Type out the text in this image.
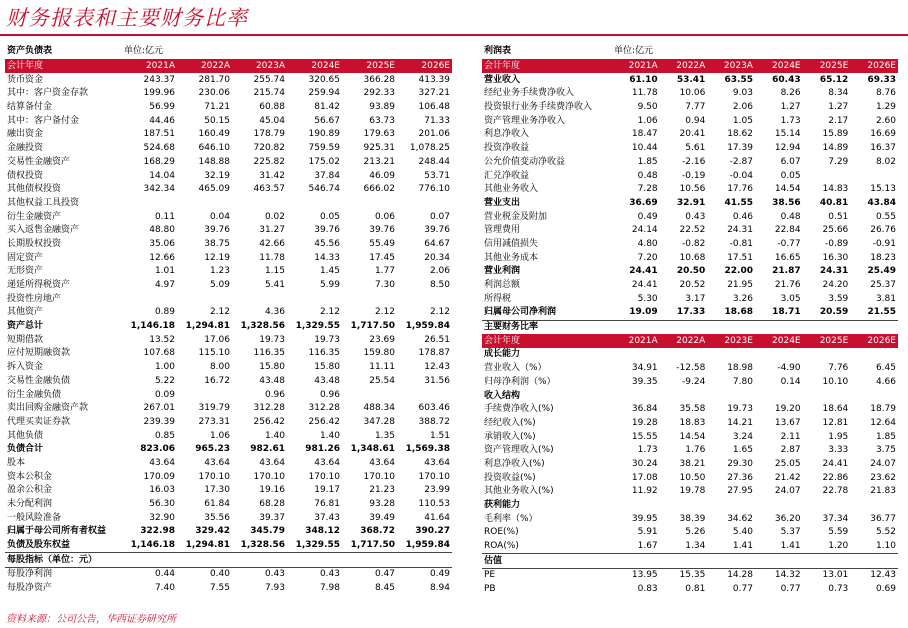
财务报表和主要财务比率
资产负债表	单位:亿元					
会计年度	2021A	2022A	2023A	2024E	2025E	2026E
货币资金	243.37	281.70	255.74	320.65	366.28	413.39
其中：客户资金存款	199.96	230.06	215.74	259.94	292.33	327.21
结算备付金	56.99	71.21	60.88	81.42	93.89	106.48
其中：客户备付金	44.46	50.15	45.04	56.67	63.73	71.33
融出资金	187.51	160.49	178.79	190.89	179.63	201.06
金融投资	524.68	646.10	720.82	759.59	925.31	1,078.25
交易性金融资产	168.29	148.88	225.82	175.02	213.21	248.44
债权投资	14.04	32.19	31.42	37.84	46.09	53.71
其他债权投资	342.34	465.09	463.57	546.74	666.02	776.10
其他权益工具投资						
衍生金融资产	0.11	0.04	0.02	0.05	0.06	0.07
买入返售金融资产	48.80	39.76	31.27	39.76	39.76	39.76
长期股权投资	35.06	38.75	42.66	45.56	55.49	64.67
固定资产	12.66	12.19	11.78	14.33	17.45	20.34
无形资产	1.01	1.23	1.15	1.45	1.77	2.06
递延所得税资产	4.97	5.09	5.41	5.99	7.30	8.50
投资性房地产						
其他资产	0.89	2.12	4.36	2.12	2.12	2.12
资产总计	1,146.18	1,294.81	1,328.56	1,329.55	1,717.50	1,959.84
短期借款	13.52	17.06	19.73	19.73	23.69	26.51
应付短期融资款	107.68	115.10	116.35	116.35	159.80	178.87
拆入资金	1.00	8.00	15.80	15.80	11.11	12.43
交易性金融负债	5.22	16.72	43.48	43.48	25.54	31.56
衍生金融负债	0.09		0.96	0.96		
卖出回购金融资产款	267.01	319.79	312.28	312.28	488.34	603.46
代理买卖证券款	239.39	273.31	256.42	256.42	347.28	388.72
其他负债	0.85	1.06	1.40	1.40	1.35	1.51
负债合计	823.06	965.23	982.61	981.26	1,348.61	1,569.38
股本	43.64	43.64	43.64	43.64	43.64	43.64
资本公积金	170.09	170.10	170.10	170.10	170.10	170.10
盈余公积金	16.03	17.30	19.16	19.17	21.23	23.99
未分配利润	56.30	61.84	68.28	76.81	93.28	110.53
一般风险准备	32.90	35.56	39.37	37.43	39.49	41.64
归属于母公司所有者权益	322.98	329.42	345.79	348.12	368.72	390.27
负债及股东权益	1,146.18	1,294.81	1,328.56	1,329.55	1,717.50	1,959.84
每股指标（单位：元）						
每股净利润	0.44	0.40	0.43	0.43	0.47	0.49
每股净资产	7.40	7.55	7.93	7.98	8.45	8.94
利润表	单位:亿元					
会计年度	2021A	2022A	2023A	2024E	2025E	2026E
营业收入	61.10	53.41	63.55	60.43	65.12	69.33
经纪业务手续费净收入	11.78	10.06	9.03	8.26	8.34	8.76
投资银行业务手续费净收入	9.50	7.77	2.06	1.27	1.27	1.29
资产管理业务净收入	1.06	0.94	1.05	1.73	2.17	2.60
利息净收入	18.47	20.41	18.62	15.14	15.89	16.69
投资净收益	10.44	5.61	17.39	12.94	14.89	16.37
公允价值变动净收益	1.85	-2.16	-2.87	6.07	7.29	8.02
汇兑净收益	0.48	-0.19	-0.04	0.05		
其他业务收入	7.28	10.56	17.76	14.54	14.83	15.13
营业支出	36.69	32.91	41.55	38.56	40.81	43.84
营业税金及附加	0.49	0.43	0.46	0.48	0.51	0.55
管理费用	24.14	22.52	24.31	22.84	25.66	26.76
信用减值损失	4.80	-0.82	-0.81	-0.77	-0.89	-0.91
其他业务成本	7.20	10.68	17.51	16.65	16.30	18.23
营业利润	24.41	20.50	22.00	21.87	24.31	25.49
利润总额	24.41	20.52	21.95	21.76	24.20	25.37
所得税	5.30	3.17	3.26	3.05	3.59	3.81
归属母公司净利润	19.09	17.33	18.68	18.71	20.59	21.55
主要财务比率						
会计年度	2021A	2022A	2023E	2024E	2025E	2026E
成长能力						
营业收入（%）	34.91	-12.58	18.98	-4.90	7.76	6.45
归母净利润（%）	39.35	-9.24	7.80	0.14	10.10	4.66
收入结构						
手续费净收入(%)	36.84	35.58	19.73	19.20	18.64	18.79
经纪收入(%)	19.28	18.83	14.21	13.67	12.81	12.64
承销收入(%)	15.55	14.54	3.24	2.11	1.95	1.85
资产管理收入(%)	1.73	1.76	1.65	2.87	3.33	3.75
利息净收入(%)	30.24	38.21	29.30	25.05	24.41	24.07
投资收益(%)	17.08	10.50	27.36	21.42	22.86	23.62
其他业务收入(%)	11.92	19.78	27.95	24.07	22.78	21.83
获利能力						
毛利率（%）	39.95	38.39	34.62	36.20	37.34	36.77
ROE(%)	5.91	5.26	5.40	5.37	5.59	5.52
ROA(%)	1.67	1.34	1.41	1.41	1.20	1.10
估值						
PE	13.95	15.35	14.28	14.32	13.01	12.43
PB	0.83	0.81	0.77	0.77	0.73	0.69
资料来源：公司公告，华西证券研究所
